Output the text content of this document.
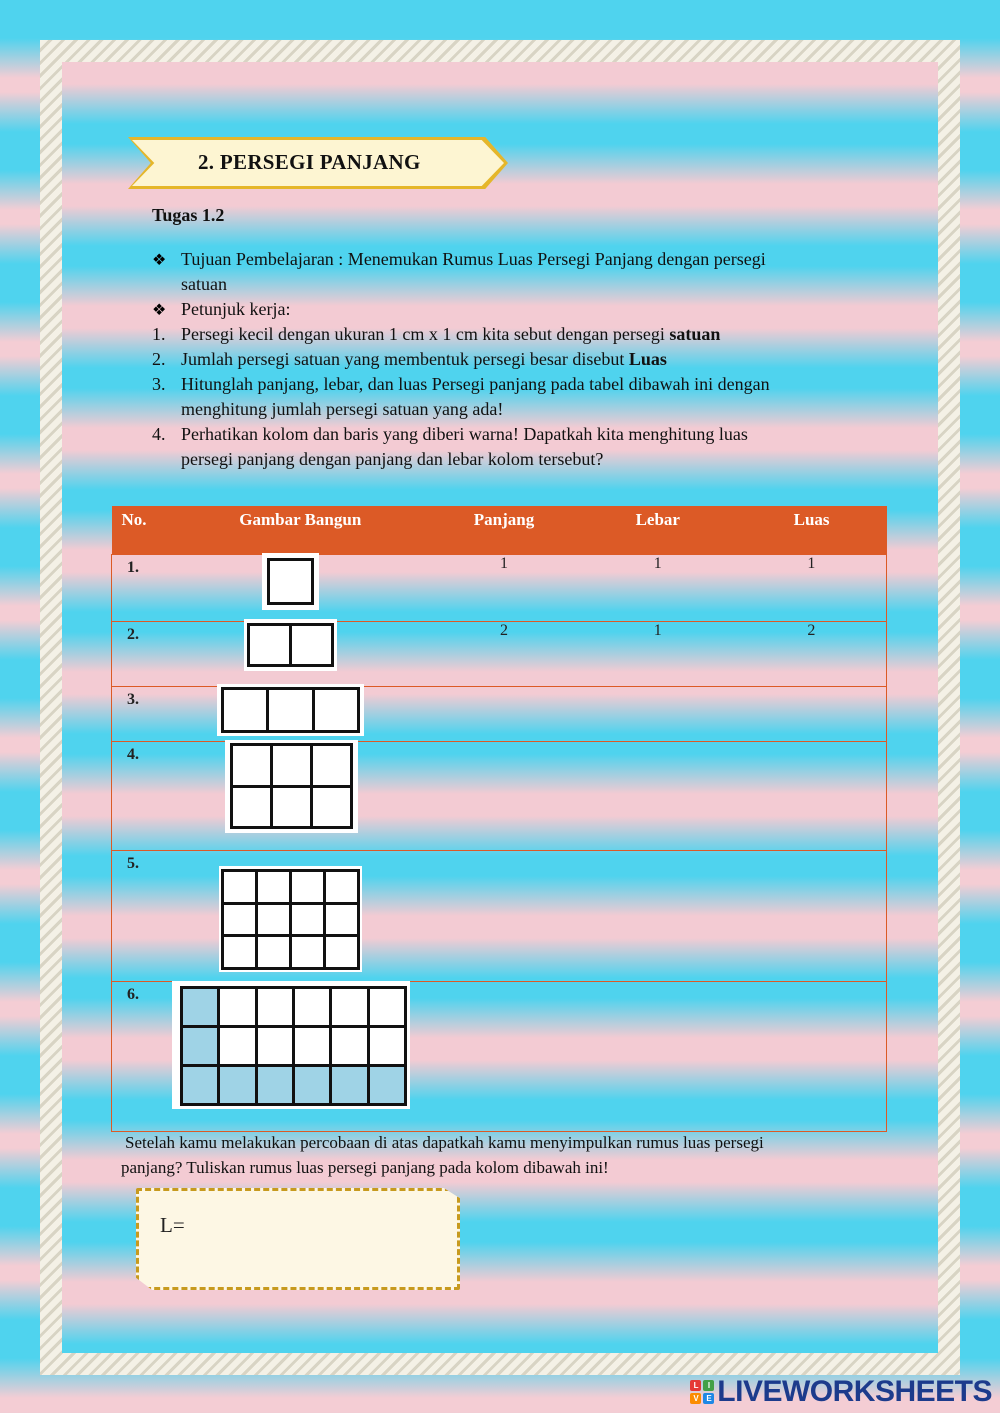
2. PERSEGI PANJANG
Tugas 1.2
❖ Tujuan Pembelajaran : Menemukan Rumus Luas Persegi Panjang dengan persegi
satuan
❖ Petunjuk kerja:
1. Persegi kecil dengan ukuran 1 cm x 1 cm kita sebut dengan persegi satuan
2. Jumlah persegi satuan yang membentuk persegi besar disebut Luas
3. Hitunglah panjang, lebar, dan luas Persegi panjang pada tabel dibawah ini dengan
menghitung jumlah persegi satuan yang ada!
4. Perhatikan kolom dan baris yang diberi warna! Dapatkah kita menghitung luas
persegi panjang dengan panjang dan lebar kolom tersebut?
No.	Gambar Bangun	Panjang	Lebar	Luas
1.		1	1	1
2.		2	1	2
3.				
4.				
5.				
6.				
Setelah kamu melakukan percobaan di atas dapatkah kamu menyimpulkan rumus luas persegi
panjang? Tuliskan rumus luas persegi panjang pada kolom dibawah ini!
L=
L	I
V	E LIVEWORKSHEETS
